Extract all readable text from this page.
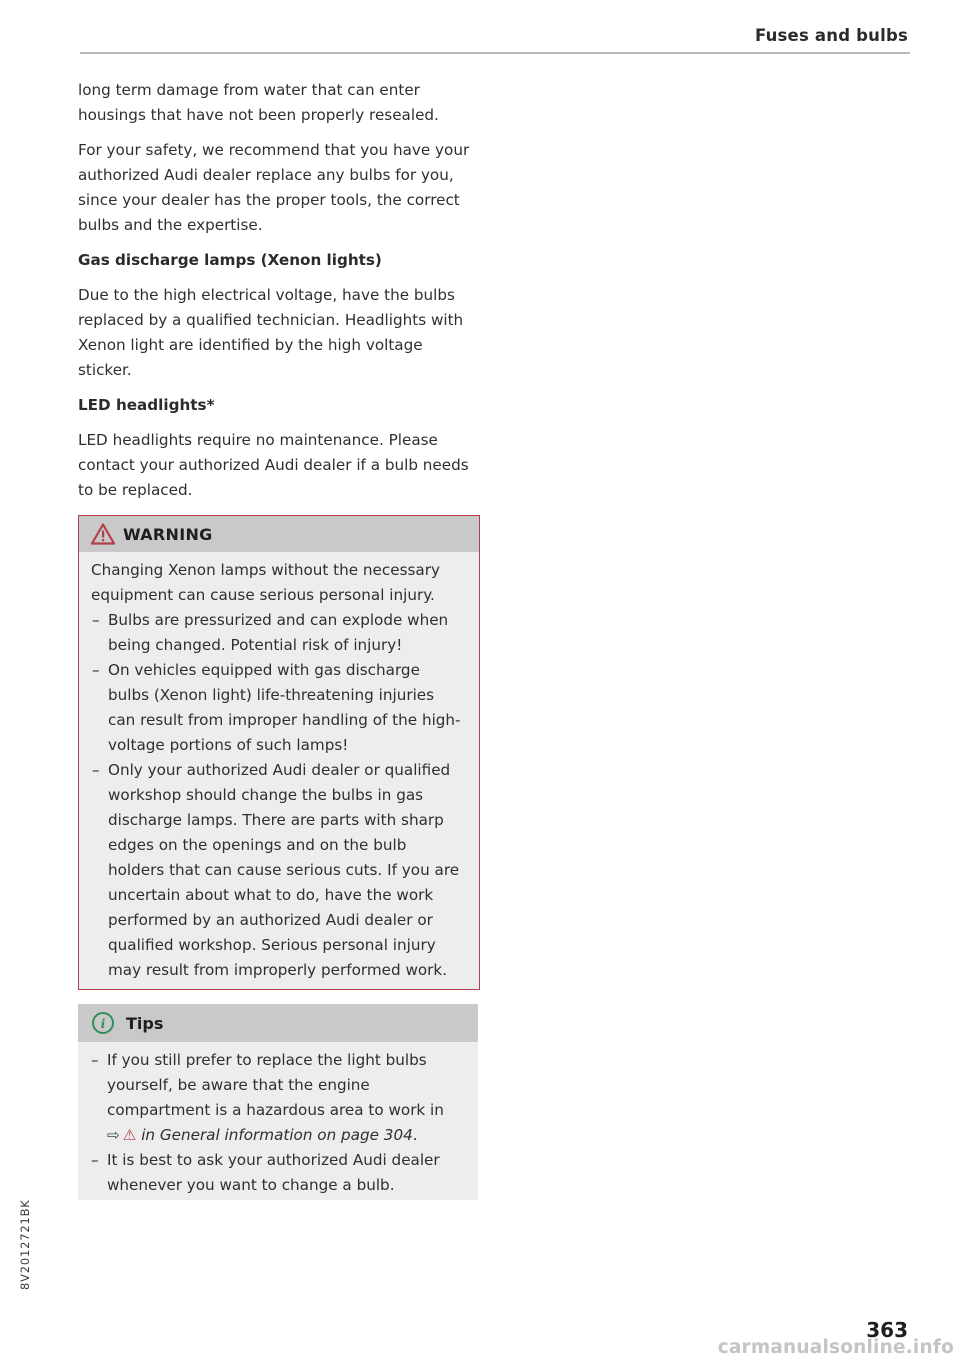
Fuses and bulbs

long term damage from water that can enter housings that have not been properly resealed.

For your safety, we recommend that you have your authorized Audi dealer replace any bulbs for you, since your dealer has the proper tools, the correct bulbs and the expertise.

Gas discharge lamps (Xenon lights)

Due to the high electrical voltage, have the bulbs replaced by a qualified technician. Headlights with Xenon light are identified by the high voltage sticker.

LED headlights*

LED headlights require no maintenance. Please contact your authorized Audi dealer if a bulb needs to be replaced.

WARNING

Changing Xenon lamps without the necessary equipment can cause serious personal injury.

– Bulbs are pressurized and can explode when being changed. Potential risk of injury!
– On vehicles equipped with gas discharge bulbs (Xenon light) life-threatening injuries can result from improper handling of the high-voltage portions of such lamps!
– Only your authorized Audi dealer or qualified workshop should change the bulbs in gas discharge lamps. There are parts with sharp edges on the openings and on the bulb holders that can cause serious cuts. If you are uncertain about what to do, have the work performed by an authorized Audi dealer or qualified workshop. Serious personal injury may result from improperly performed work.
i	Tips
– If you still prefer to replace the light bulbs yourself, be aware that the engine compartment is a hazardous area to work in ⇨ ⚠ in General information on page 304.
– It is best to ask your authorized Audi dealer whenever you want to change a bulb.
8V2012721BK
363
carmanualsonline.info
